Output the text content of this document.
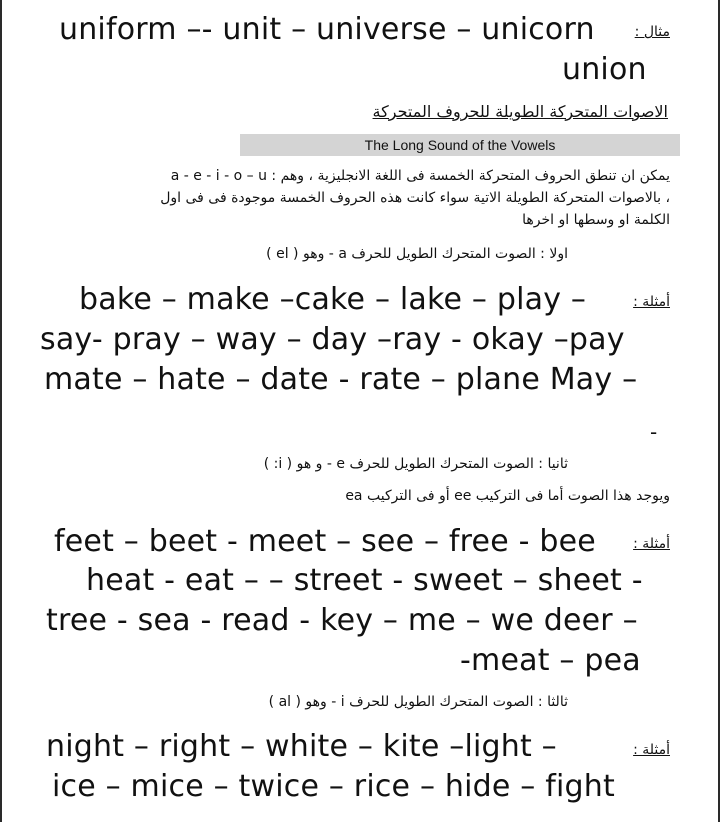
uniform –- unit – universe – unicorn	مثال :
union
الاصوات المتحركة الطويلة للحروف المتحركة
The Long Sound of the Vowels
يمكن ان تنطق الحروف المتحركة الخمسة فى اللغة الانجليزية ، وهم : a - e - i - o – u
، بالاصوات المتحركة الطويلة الاتية سواء كانت هذه الحروف الخمسة موجودة فى فى اول
الكلمة او وسطها او اخرها
اولا : الصوت المتحرك الطويل للحرف a - وهو ( el )
أمثلة :
bake – make –cake – lake – play –
say- pray – way – day –ray - okay –pay
mate – hate – date - rate – plane May –
-
ثانيا : الصوت المتحرك الطويل للحرف e - و هو ( i: )
ويوجد هذا الصوت أما فى التركيب ee أو فى التركيب ea
أمثلة :
feet – beet - meet – see – free - bee
heat - eat – – street - sweet – sheet -
tree - sea - read - key – me – we deer –
-meat – pea
ثالثا : الصوت المتحرك الطويل للحرف i - وهو ( al )
أمثلة :
night – right – white – kite –light –
ice – mice – twice – rice – hide – fight
